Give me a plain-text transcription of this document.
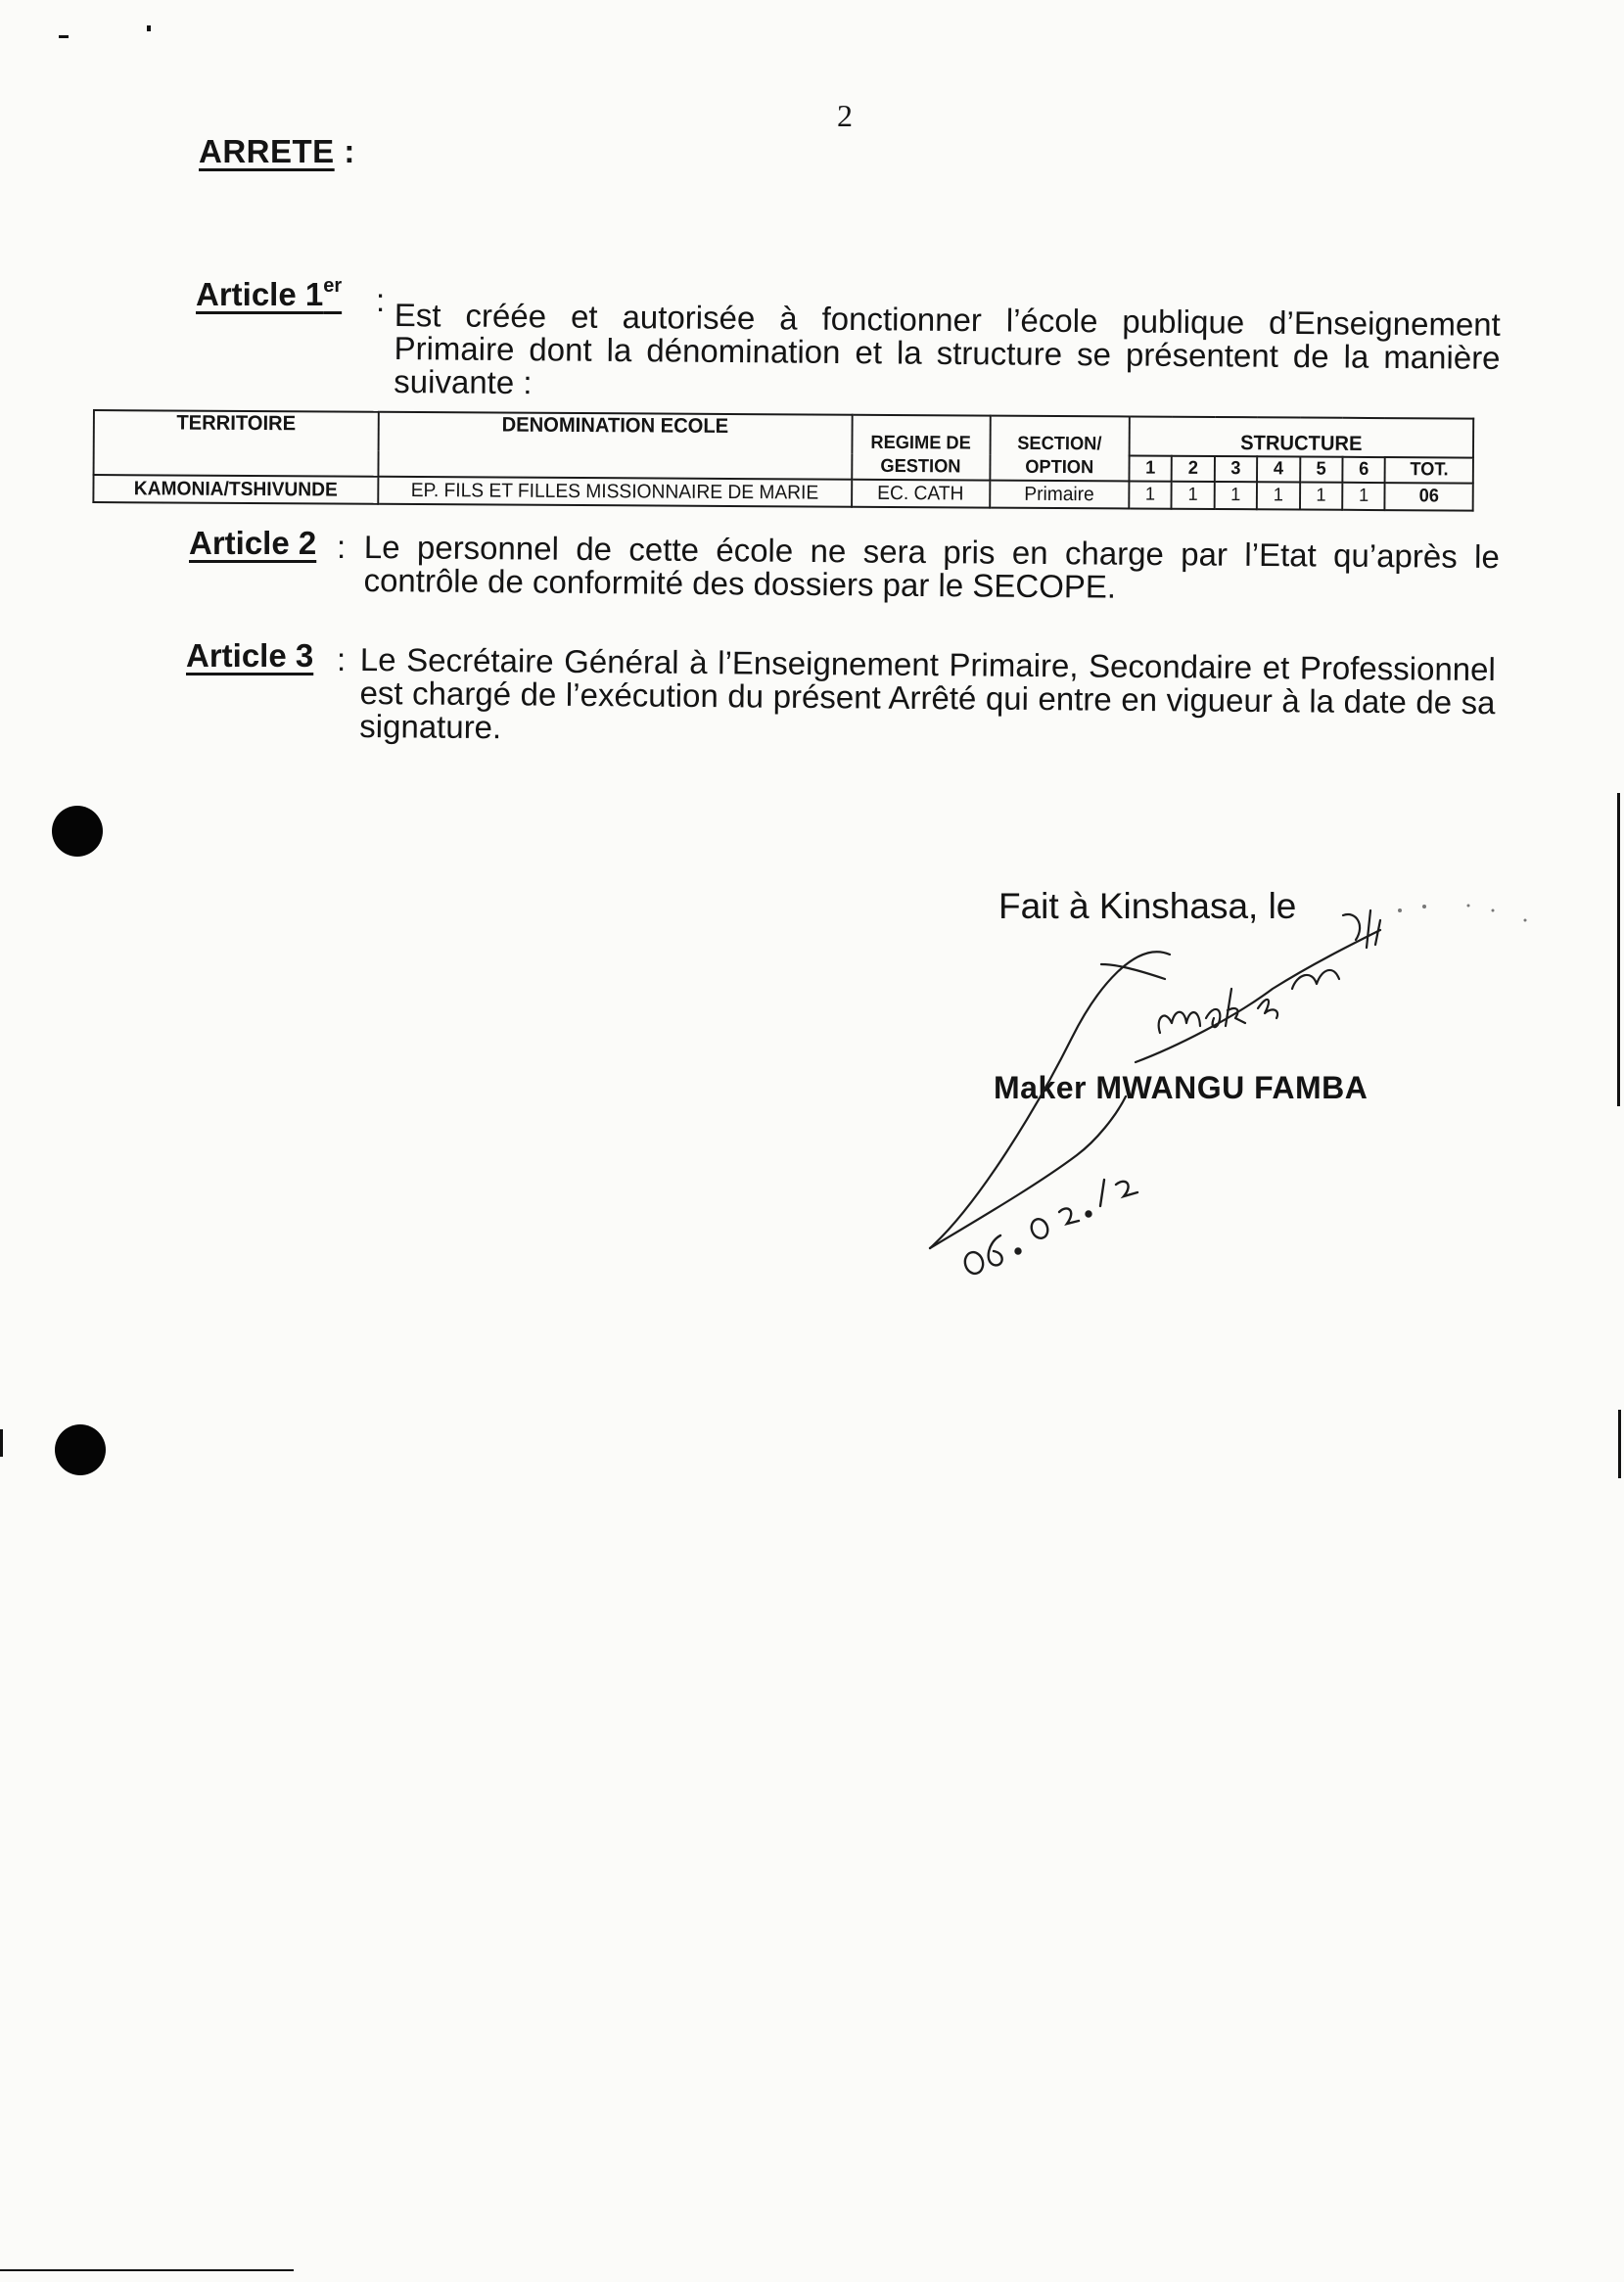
2
ARRETE :
Article 1er : Est créée et autorisée à fonctionner l’école publique d’Enseignement Primaire dont la dénomination et la structure se présentent de la manière suivante :
TERRITOIRE	DENOMINATION ECOLE	REGIME DE GESTION	SECTION/ OPTION	STRUCTURE						
				1	2	3	4	5	6	TOT.
KAMONIA/TSHIVUNDE	EP. FILS ET FILLES MISSIONNAIRE DE MARIE	EC. CATH	Primaire	1	1	1	1	1	1	06
Article 2 : Le personnel de cette école ne sera pris en charge par l’Etat qu’après le contrôle de conformité des dossiers par le SECOPE.
Article 3 : Le Secrétaire Général à l’Enseignement Primaire, Secondaire et Professionnel est chargé de l’exécution du présent Arrêté qui entre en vigueur à la date de sa signature.
Fait à Kinshasa, le
Maker MWANGU FAMBA
